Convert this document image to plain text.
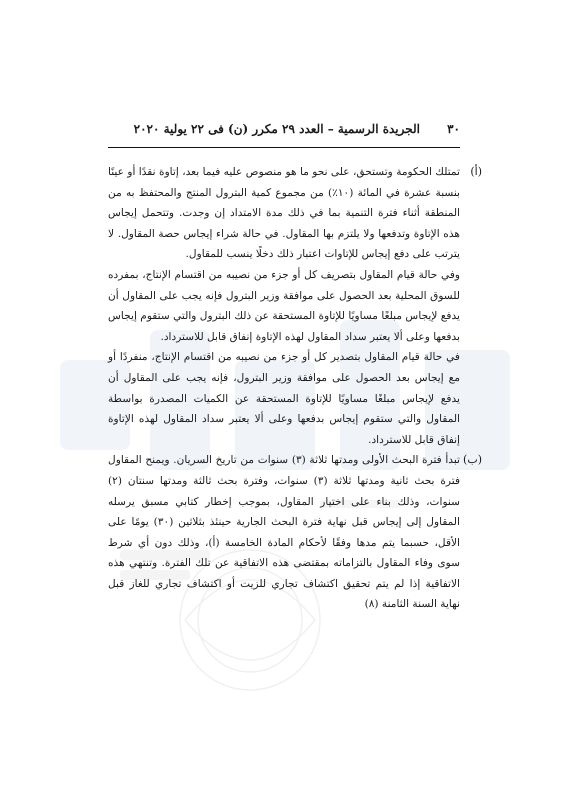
الجريدة الرسمية – العدد ٢٩ مكرر (ن) فى ٢٢ يولية ٢٠٢٠ ٣٠

(أ)
تمتلك الحكومة وتستحق، على نحو ما هو منصوص عليه فيما بعد، إتاوة نقدًا أو عينًا بنسبة عشرة في المائة (١٠٪) من مجموع كمية البترول المنتج والمحتفظ به من المنطقة أثناء فترة التنمية بما في ذلك مدة الامتداد إن وجدت. وتتحمل إيجاس هذه الإتاوة وتدفعها ولا يلتزم بها المقاول. في حالة شراء إيجاس حصة المقاول. لا يترتب على دفع إيجاس للإتاوات اعتبار ذلك دخلًا ينسب للمقاول.

وفي حالة قيام المقاول بتصريف كل أو جزء من نصيبه من اقتسام الإنتاج، بمفرده للسوق المحلية بعد الحصول على موافقة وزير البترول فإنه يجب على المقاول أن يدفع لإيجاس مبلغًا مساويًا للإتاوة المستحقة عن ذلك البترول والتي ستقوم إيجاس بدفعها وعلى ألا يعتبر سداد المقاول لهذه الإتاوة إنفاق قابل للاسترداد.

في حالة قيام المقاول بتصدير كل أو جزء من نصيبه من اقتسام الإنتاج، منفردًا أو مع إيجاس بعد الحصول على موافقة وزير البترول، فإنه يجب على المقاول أن يدفع لإيجاس مبلغًا مساويًا للإتاوة المستحقة عن الكميات المصدرة بواسطة المقاول والتي ستقوم إيجاس بدفعها وعلى ألا يعتبر سداد المقاول لهذه الإتاوة إنفاق قابل للاسترداد.

(ب)
تبدأ فترة البحث الأولى ومدتها ثلاثة (٣) سنوات من تاريخ السريان. ويمنح المقاول فترة بحث ثانية ومدتها ثلاثة (٣) سنوات، وفترة بحث ثالثة ومدتها سنتان (٢) سنوات، وذلك بناء على اختيار المقاول، بموجب إخطار كتابي مسبق يرسله المقاول إلى إيجاس قبل نهاية فترة البحث الجارية حينئذ بثلاثين (٣٠) يومًا على الأقل، حسبما يتم مدها وفقًا لأحكام المادة الخامسة (أ)، وذلك دون أي شرط سوى وفاء المقاول بالتزاماته بمقتضى هذه الاتفاقية عن تلك الفترة. وتنتهي هذه الاتفاقية إذا لم يتم تحقيق اكتشاف تجاري للزيت أو اكتشاف تجاري للغاز قبل نهاية السنة الثامنة (٨)
